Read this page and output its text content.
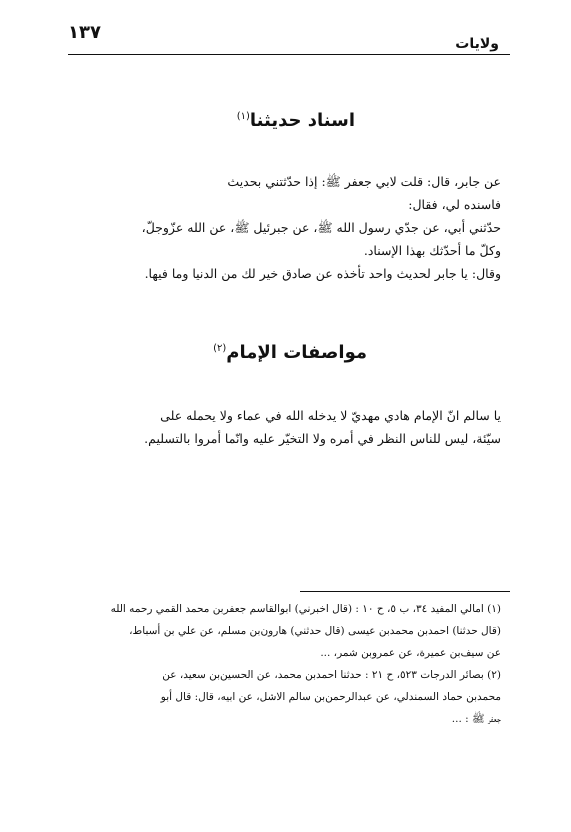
ولايات
١٣٧
اسناد حديثنا$^{(١)}$

عن جابر، قال: قلت لابي جعفر ﷺ: إذا حدّثتني بحديث

فاسنده لي، فقال:

حدّثني أبي، عن جدّي رسول الله ﷺ، عن جبرئيل ﷺ، عن الله عزّوجلّ،

وكلّ ما أحدّثك بهذا الإسناد.

وقال: يا جابر لحديث واحد تأخذه عن صادق خير لك من الدنيا وما فيها.

مواصفات الإمام$^{(٢)}$

يا سالم انّ الإمام هادي مهديّ لا يدخله الله في عماء ولا يحمله على

سيّئة، ليس للناس النظر في أمره ولا التخيّر عليه وانّما أمروا بالتسليم.

(١) امالي المفيد ٣٤، ب ٥، ح ١٠ : (قال اخبرني) ابوالقاسم جعفربن محمد القمي رحمه الله

(قال حدثنا) احمدبن محمدبن عيسى (قال حدثني) هارون‌بن مسلم، عن علي بن أسباط،

عن سيف‌بن عميرة، عن عمروبن شمر، ...

(٢) بصائر الدرجات ٥٢٣، ح ٢١ : حدثنا احمدبن محمد، عن الحسين‌بن سعيد، عن

محمدبن حماد السمندلي، عن عبدالرحمن‌بن سالم الاشل، عن ابيه، قال: قال أبو

جعفر ﷺ : ...
